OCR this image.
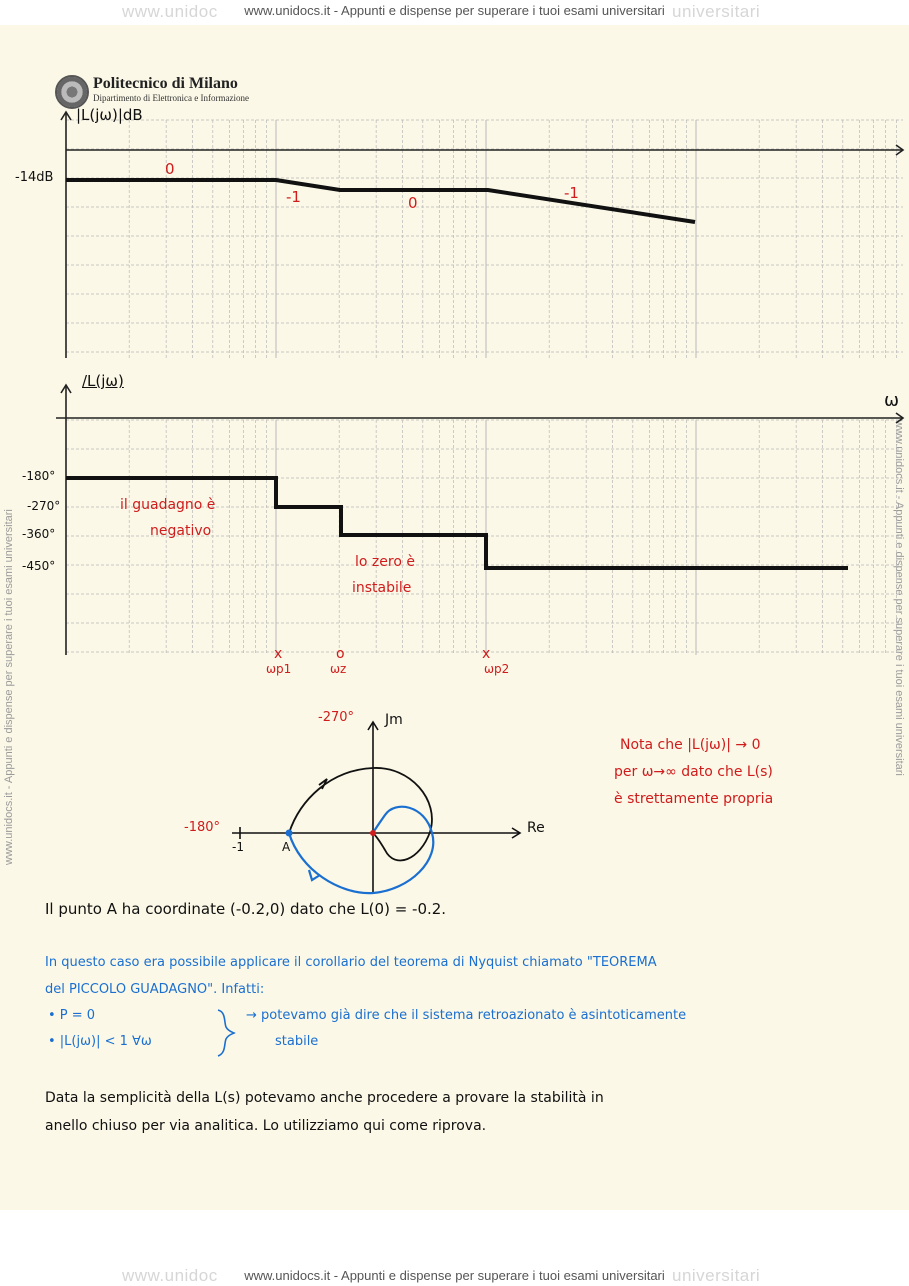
www.unidoc	universitari
www.unidocs.it - Appunti e dispense per superare i tuoi esami universitari
www.unidocs.it - Appunti e dispense per superare i tuoi esami universitari	www.unidocs.it - Appunti e dispense per superare i tuoi esami universitari
Politecnico di Milano
Dipartimento di Elettronica e Informazione
|L(jω)|dB
-14dB	0
-1	0
-1
/L(jω)
ω
-180°
-270°
-360°
-450°
il guadagno è
negativo
lo zero è
instabile
x
ωp1
o
ωz
x
ωp2
-270° Jm
Re
-180°
-1	A
Nota che |L(jω)| → 0
per ω→∞ dato che L(s)
è strettamente propria
Il punto A ha coordinate (-0.2,0) dato che L(0) = -0.2.
In questo caso era possibile applicare il corollario del teorema di Nyquist chiamato "TEOREMA
del PICCOLO GUADAGNO". Infatti:
• P = 0
• |L(jω)| < 1 ∀ω
→ potevamo già dire che il sistema retroazionato è asintoticamente
stabile
Data la semplicità della L(s) potevamo anche procedere a provare la stabilità in
anello chiuso per via analitica. Lo utilizziamo qui come riprova.
www.unidoc	universitari
www.unidocs.it - Appunti e dispense per superare i tuoi esami universitari
